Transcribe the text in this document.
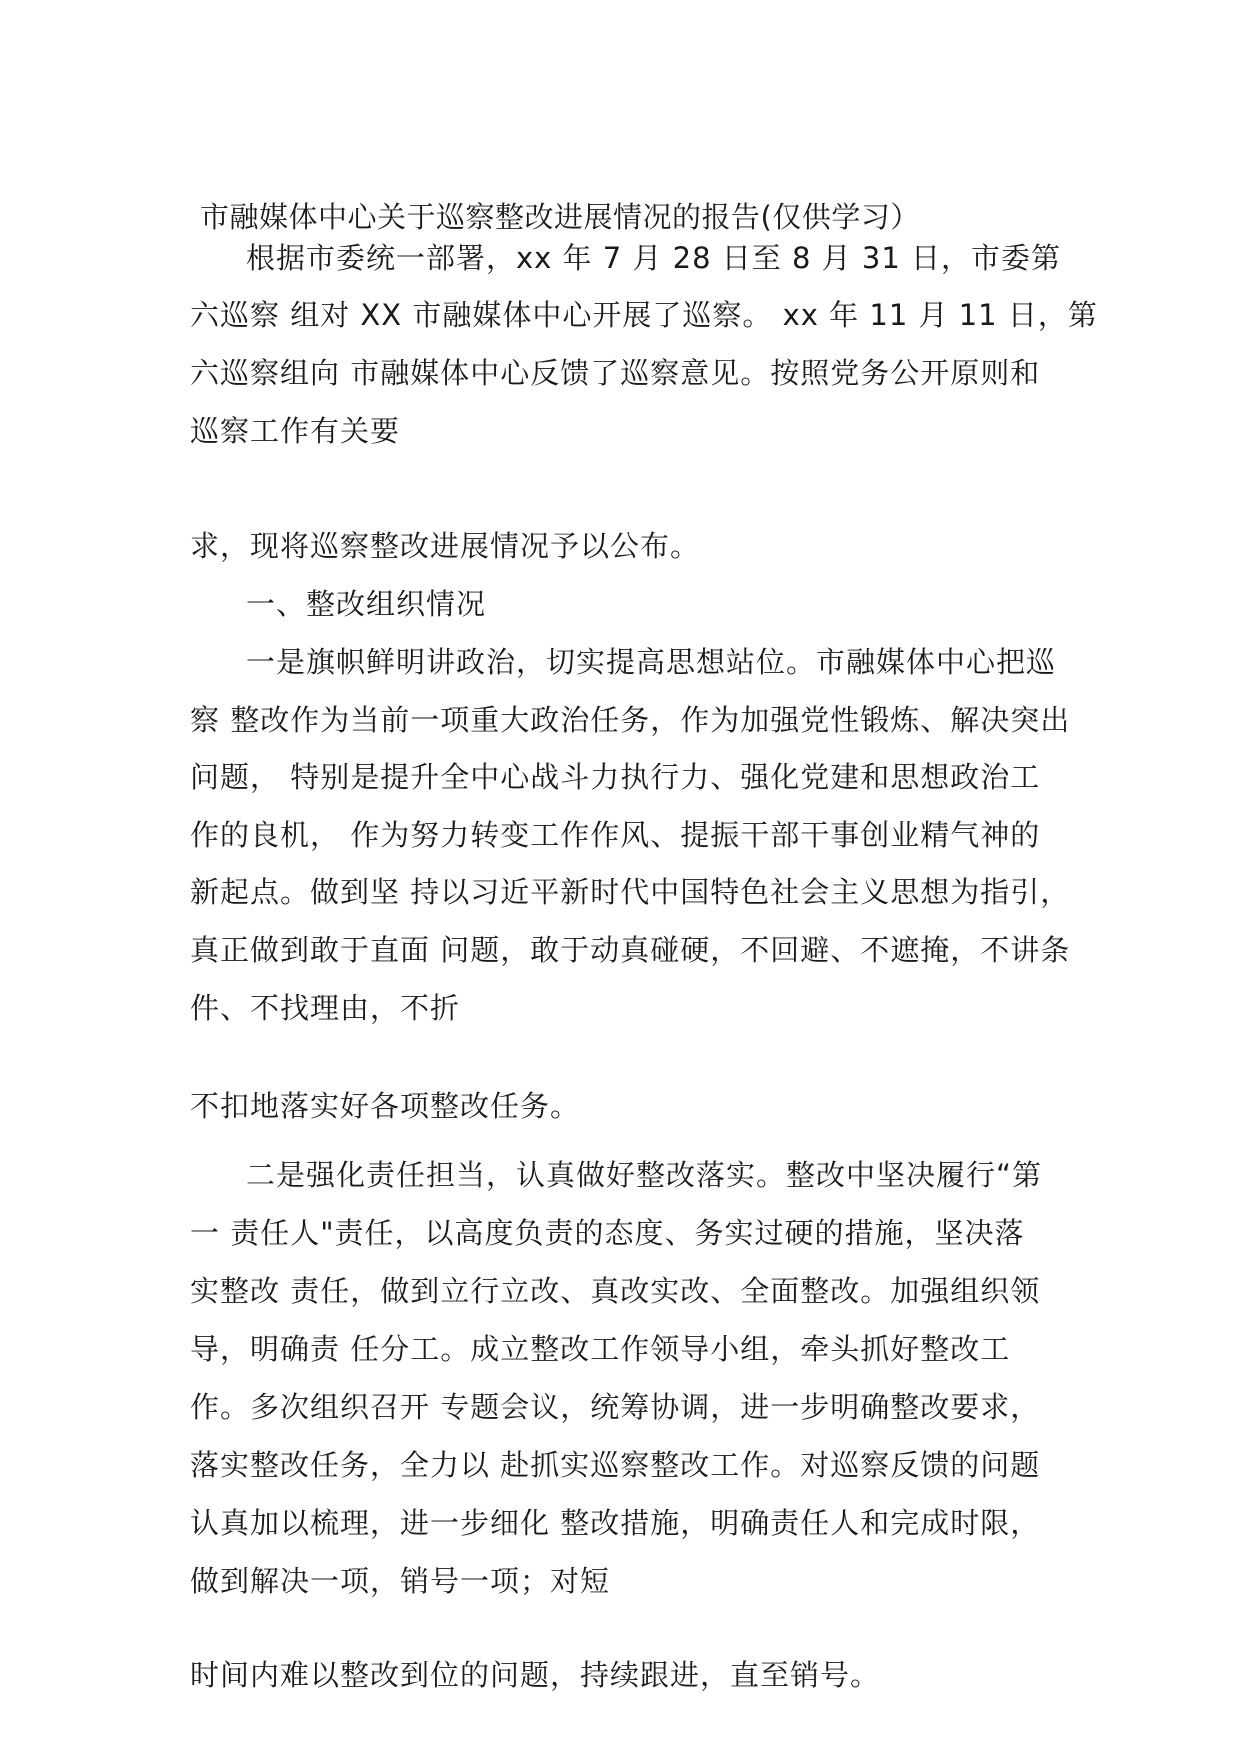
市融媒体中心关于巡察整改进展情况的报告(仅供学习）
根据市委统一部署，xx 年 7 月 28 日至 8 月 31 日，市委第
六巡察 组对 XX 市融媒体中心开展了巡察。 xx 年 11 月 11 日，第
六巡察组向 市融媒体中心反馈了巡察意见。按照党务公开原则和
巡察工作有关要
求，现将巡察整改进展情况予以公布。
一、整改组织情况
一是旗帜鲜明讲政治，切实提高思想站位。市融媒体中心把巡
察 整改作为当前一项重大政治任务，作为加强党性锻炼、解决突出
问题， 特别是提升全中心战斗力执行力、强化党建和思想政治工
作的良机， 作为努力转变工作作风、提振干部干事创业精气神的
新起点。做到坚 持以习近平新时代中国特色社会主义思想为指引，
真正做到敢于直面 问题，敢于动真碰硬，不回避、不遮掩，不讲条
件、不找理由，不折
不扣地落实好各项整改任务。
二是强化责任担当，认真做好整改落实。整改中坚决履行“第
一 责任人"责任，以高度负责的态度、务实过硬的措施，坚决落
实整改 责任，做到立行立改、真改实改、全面整改。加强组织领
导，明确责 任分工。成立整改工作领导小组，牵头抓好整改工
作。多次组织召开 专题会议，统筹协调，进一步明确整改要求，
落实整改任务，全力以 赴抓实巡察整改工作。对巡察反馈的问题
认真加以梳理，进一步细化 整改措施，明确责任人和完成时限，
做到解决一项，销号一项；对短
时间内难以整改到位的问题，持续跟进，直至销号。
